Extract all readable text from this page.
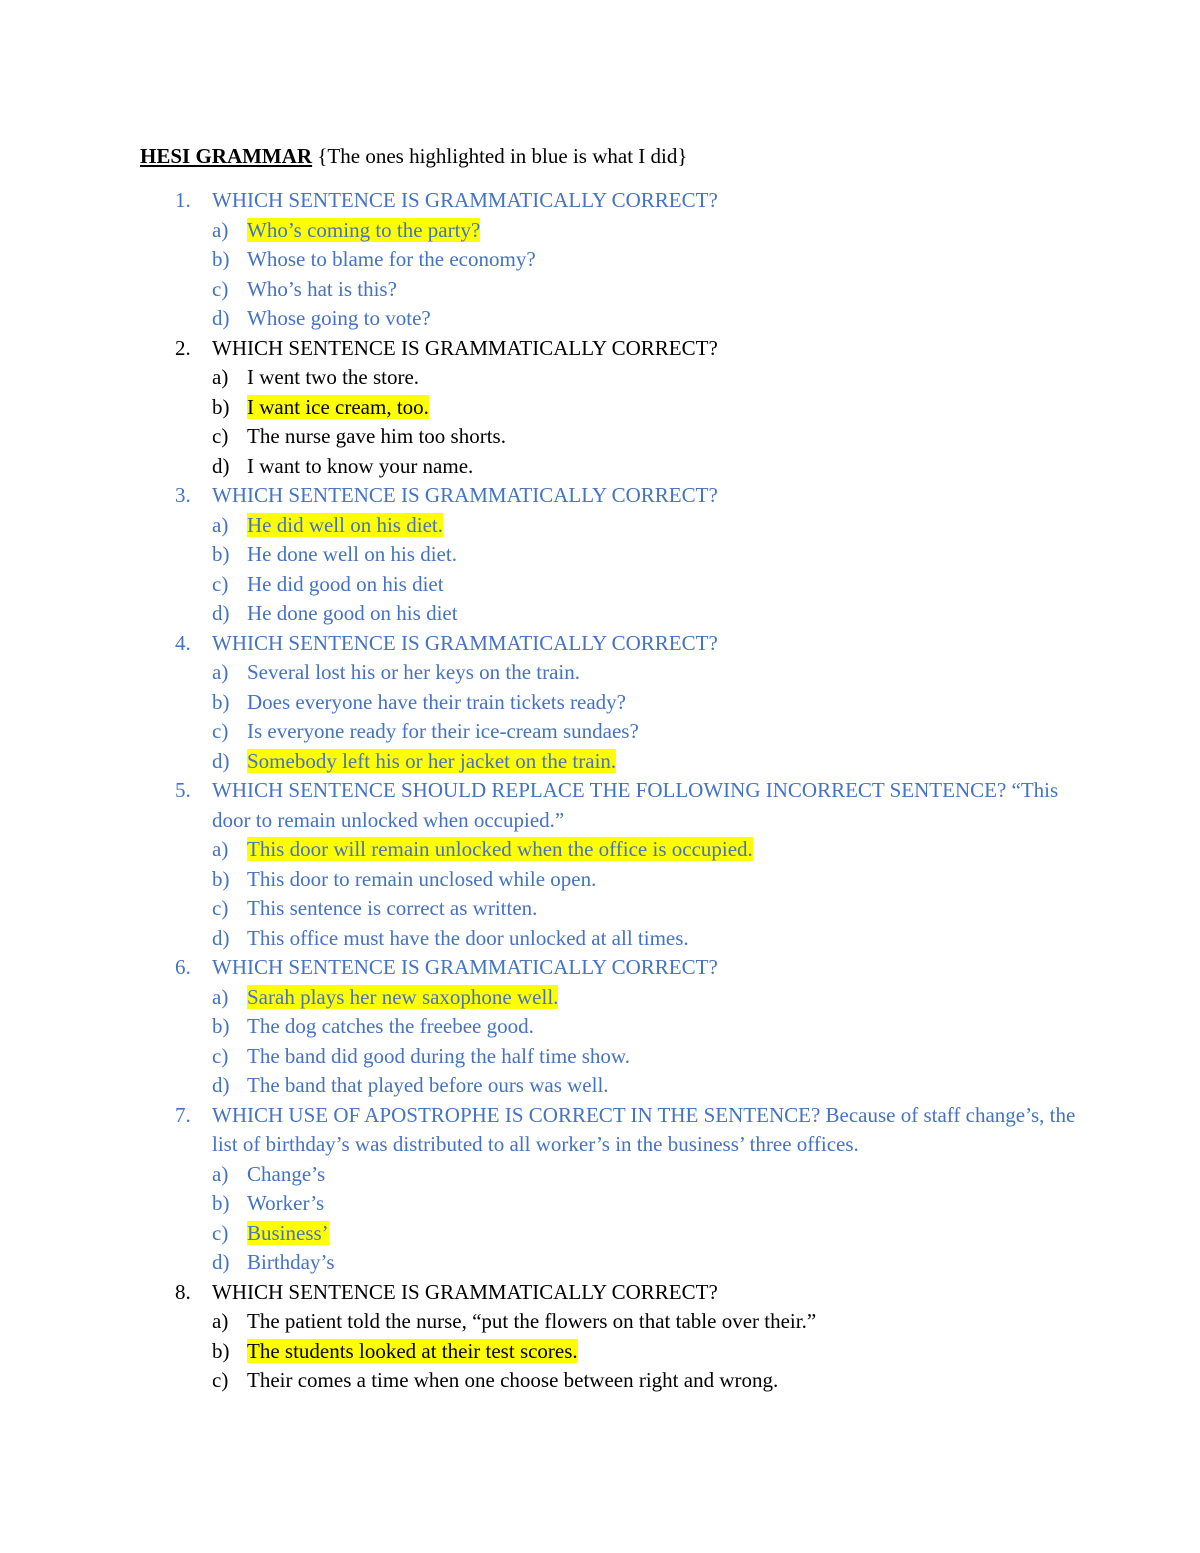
HESI GRAMMAR {The ones highlighted in blue is what I did}
1. WHICH SENTENCE IS GRAMMATICALLY CORRECT?
a) Who’s coming to the party?
b) Whose to blame for the economy?
c) Who’s hat is this?
d) Whose going to vote?
2. WHICH SENTENCE IS GRAMMATICALLY CORRECT?
a) I went two the store.
b) I want ice cream, too.
c) The nurse gave him too shorts.
d) I want to know your name.
3. WHICH SENTENCE IS GRAMMATICALLY CORRECT?
a) He did well on his diet.
b) He done well on his diet.
c) He did good on his diet
d) He done good on his diet
4. WHICH SENTENCE IS GRAMMATICALLY CORRECT?
a) Several lost his or her keys on the train.
b) Does everyone have their train tickets ready?
c) Is everyone ready for their ice-cream sundaes?
d) Somebody left his or her jacket on the train.
5. WHICH SENTENCE SHOULD REPLACE THE FOLLOWING INCORRECT SENTENCE? “This door to remain unlocked when occupied.”
a) This door will remain unlocked when the office is occupied.
b) This door to remain unclosed while open.
c) This sentence is correct as written.
d) This office must have the door unlocked at all times.
6. WHICH SENTENCE IS GRAMMATICALLY CORRECT?
a) Sarah plays her new saxophone well.
b) The dog catches the freebee good.
c) The band did good during the half time show.
d) The band that played before ours was well.
7. WHICH USE OF APOSTROPHE IS CORRECT IN THE SENTENCE? Because of staff change’s, the list of birthday’s was distributed to all worker’s in the business’ three offices.
a) Change’s
b) Worker’s
c) Business’
d) Birthday’s
8. WHICH SENTENCE IS GRAMMATICALLY CORRECT?
a) The patient told the nurse, “put the flowers on that table over their.”
b) The students looked at their test scores.
c) Their comes a time when one choose between right and wrong.
